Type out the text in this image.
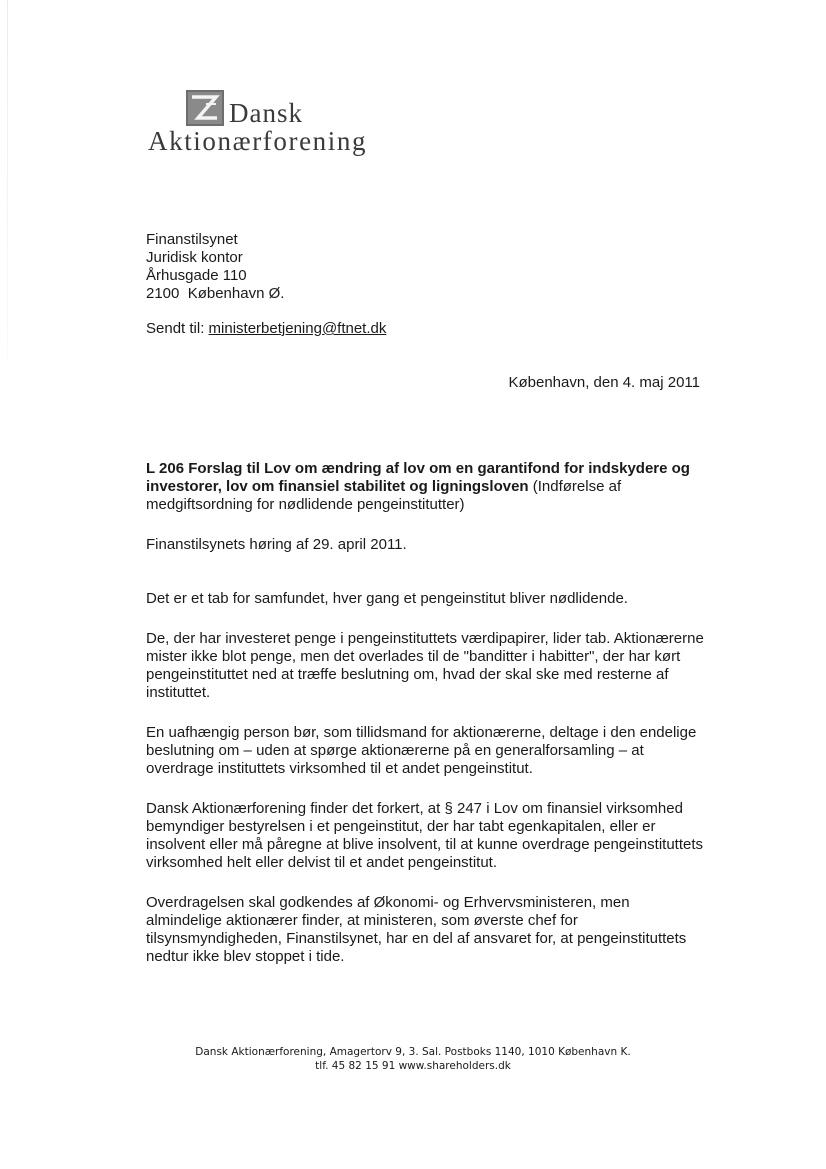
Dansk
Aktionærforening
Finanstilsynet
Juridisk kontor
Århusgade 110
2100  København Ø.
Sendt til: ministerbetjening@ftnet.dk
København, den 4. maj 2011

L 206 Forslag til Lov om ændring af lov om en garantifond for indskydere og investorer, lov om finansiel stabilitet og ligningsloven (Indførelse af medgiftsordning for nødlidende pengeinstitutter)

Finanstilsynets høring af 29. april 2011.

Det er et tab for samfundet, hver gang et pengeinstitut bliver nødlidende.

De, der har investeret penge i pengeinstituttets værdipapirer, lider tab. Aktionærerne mister ikke blot penge, men det overlades til de "banditter i habitter", der har kørt pengeinstituttet ned at træffe beslutning om, hvad der skal ske med resterne af instituttet.

En uafhængig person bør, som tillidsmand for aktionærerne, deltage i den endelige beslutning om – uden at spørge aktionærerne på en generalforsamling – at overdrage instituttets virksomhed til et andet pengeinstitut.

Dansk Aktionærforening finder det forkert, at § 247 i Lov om finansiel virksomhed bemyndiger bestyrelsen i et pengeinstitut, der har tabt egenkapitalen, eller er insolvent eller må påregne at blive insolvent, til at kunne overdrage pengeinstituttets virksomhed helt eller delvist til et andet pengeinstitut.

Overdragelsen skal godkendes af Økonomi- og Erhvervsministeren, men almindelige aktionærer finder, at ministeren, som øverste chef for tilsynsmyndigheden, Finanstilsynet, har en del af ansvaret for, at pengeinstituttets nedtur ikke blev stoppet i tide.

Dansk Aktionærforening, Amagertorv 9, 3. Sal. Postboks 1140, 1010 København K.
tlf. 45 82 15 91 www.shareholders.dk
